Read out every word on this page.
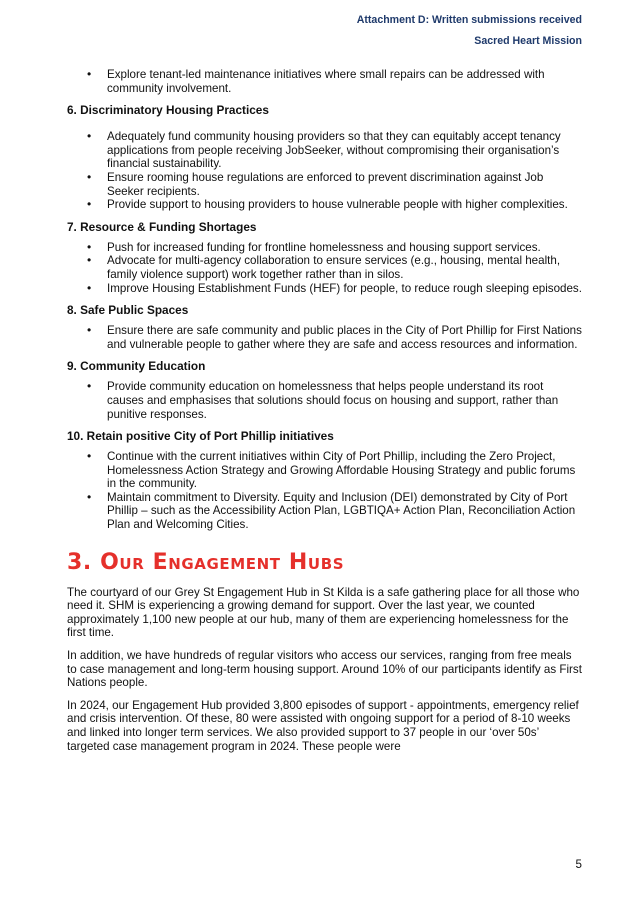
Attachment D: Written submissions received
Sacred Heart Mission
• Explore tenant-led maintenance initiatives where small repairs can be addressed with community involvement.
6. Discriminatory Housing Practices
• Adequately fund community housing providers so that they can equitably accept tenancy applications from people receiving JobSeeker, without compromising their organisation’s financial sustainability.
• Ensure rooming house regulations are enforced to prevent discrimination against Job Seeker recipients.
• Provide support to housing providers to house vulnerable people with higher complexities.
7. Resource & Funding Shortages
• Push for increased funding for frontline homelessness and housing support services.
• Advocate for multi-agency collaboration to ensure services (e.g., housing, mental health, family violence support) work together rather than in silos.
• Improve Housing Establishment Funds (HEF) for people, to reduce rough sleeping episodes.
8. Safe Public Spaces
• Ensure there are safe community and public places in the City of Port Phillip for First Nations and vulnerable people to gather where they are safe and access resources and information.
9. Community Education
• Provide community education on homelessness that helps people understand its root causes and emphasises that solutions should focus on housing and support, rather than punitive responses.
10. Retain positive City of Port Phillip initiatives
• Continue with the current initiatives within City of Port Phillip, including the Zero Project, Homelessness Action Strategy and Growing Affordable Housing Strategy and public forums in the community.
• Maintain commitment to Diversity. Equity and Inclusion (DEI) demonstrated by City of Port Phillip – such as the Accessibility Action Plan, LGBTIQA+ Action Plan, Reconciliation Action Plan and Welcoming Cities.
3. Our Engagement Hubs

The courtyard of our Grey St Engagement Hub in St Kilda is a safe gathering place for all those who need it. SHM is experiencing a growing demand for support. Over the last year, we counted approximately 1,100 new people at our hub, many of them are experiencing homelessness for the first time.

In addition, we have hundreds of regular visitors who access our services, ranging from free meals to case management and long-term housing support. Around 10% of our participants identify as First Nations people.

In 2024, our Engagement Hub provided 3,800 episodes of support - appointments, emergency relief and crisis intervention. Of these, 80 were assisted with ongoing support for a period of 8-10 weeks and linked into longer term services. We also provided support to 37 people in our ‘over 50s’ targeted case management program in 2024. These people were

5
